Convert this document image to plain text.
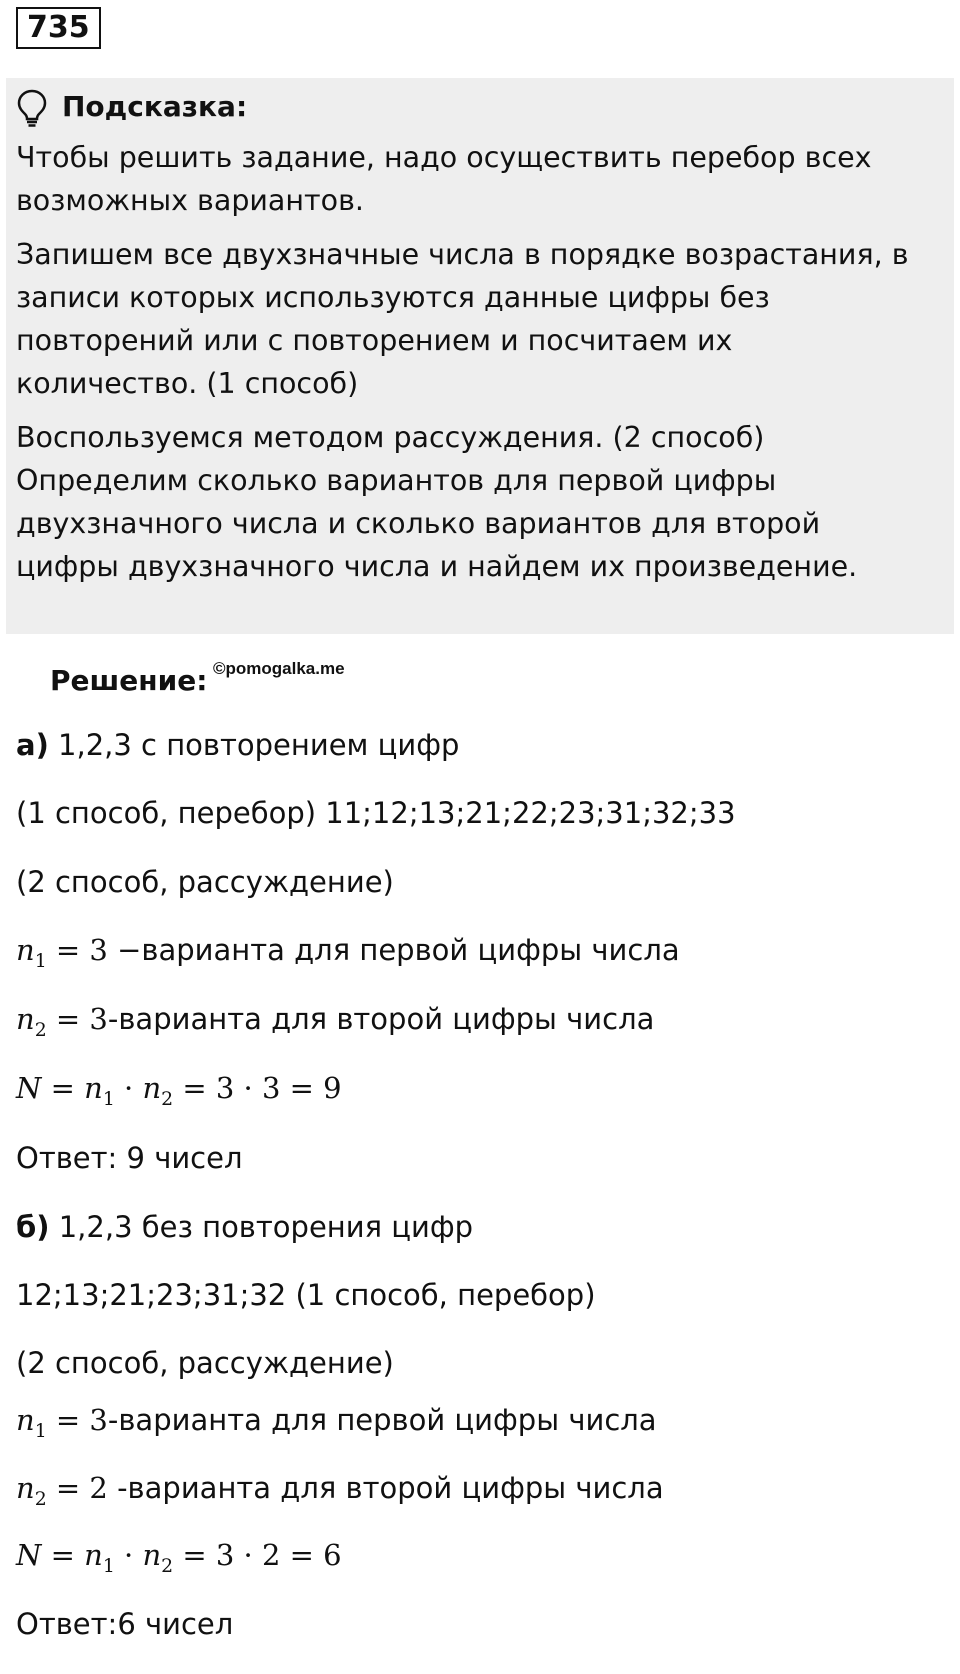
735
Подсказка:
Чтобы решить задание, надо осуществить перебор всех
возможных вариантов.
Запишем все двухзначные числа в порядке возрастания, в
записи которых используются данные цифры без
повторений или с повторением и посчитаем их
количество. (1 способ)
Воспользуемся методом рассуждения. (2 способ)
Определим сколько вариантов для первой цифры
двухзначного числа и сколько вариантов для второй
цифры двухзначного числа и найдем их произведение.
Решение: ©pomogalka.me
а) 1,2,3 с повторением цифр
(1 способ, перебор) 11;12;13;21;22;23;31;32;33
(2 способ, рассуждение)
$n_1 = 3$ −варианта для первой цифры числа
$n_2$ = 3-варианта для второй цифры числа
$N = n_1 \cdot n_2 = 3 \cdot 3 = 9$
Ответ: 9 чисел
б) 1,2,3 без повторения цифр
12;13;21;23;31;32 (1 способ, перебор)
(2 способ, рассуждение)
$n_1$ = 3-варианта для первой цифры числа
$n_2 = 2$ -варианта для второй цифры числа
$N = n_1 \cdot n_2 = 3 \cdot 2 = 6$
Ответ:6 чисел
